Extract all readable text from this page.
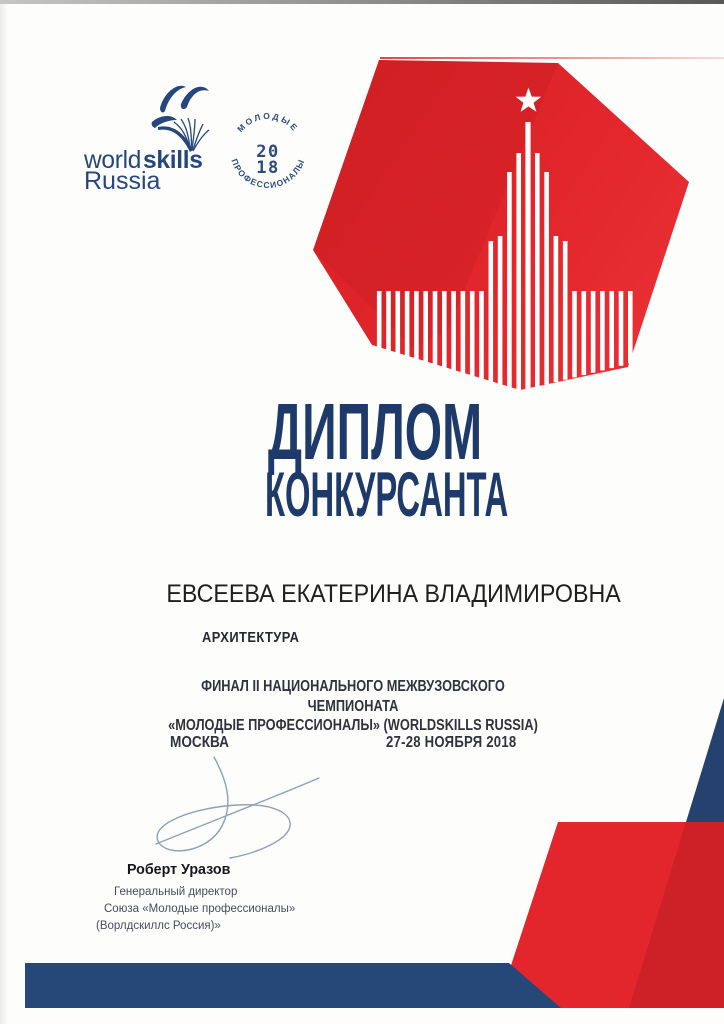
worldskills
Russia
МОЛОДЫЕ
ПРОФЕССИОНАЛЫ
20
18
ДИПЛОМ
КОНКУРСАНТА
ЕВСЕЕВА ЕКАТЕРИНА ВЛАДИМИРОВНА
АРХИТЕКТУРА
ФИНАЛ II НАЦИОНАЛЬНОГО МЕЖВУЗОВСКОГО ЧЕМПИОНАТА
«МОЛОДЫЕ ПРОФЕССИОНАЛЫ» (WORLDSKILLS RUSSIA)
МОСКВА	27-28 НОЯБРЯ 2018
Роберт Уразов
Генеральный директор
Союза «Молодые профессионалы»
(Ворлдскиллс Россия)»
